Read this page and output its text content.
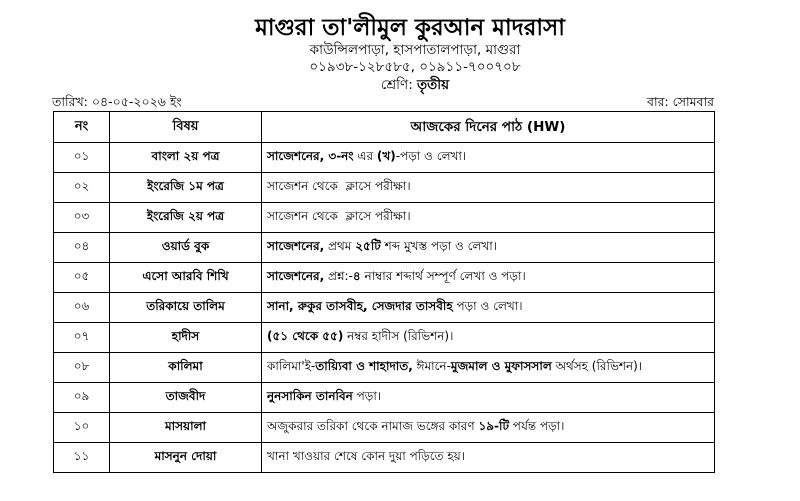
মাগুরা তা'লীমুল কুরআন মাদরাসা
কাউন্সিলপাড়া, হাসপাতালপাড়া, মাগুরা
০১৯৩৮-১২৮৫৮৫, ০১৯১১-৭০০৭০৮
শ্রেণি: তৃতীয়
তারিখ: ০৪-০৫-২০২৬ ইং	বার: সোমবার
নং	বিষয়	আজকের দিনের পাঠ (HW)
০১	বাংলা ২য় পত্র	সাজেশনের, ৩-নং এর (খ)-পড়া ও লেখা।
০২	ইংরেজি ১ম পত্র	সাজেশন থেকে  ক্লাসে পরীক্ষা।
০৩	ইংরেজি ২য় পত্র	সাজেশন থেকে  ক্লাসে পরীক্ষা।
০৪	ওয়ার্ড বুক	সাজেশনের, প্রথম ২৫টি শব্দ মুখস্ত পড়া ও লেখা।
০৫	এসো আরবি শিখি	সাজেশনের, প্রশ্ন:-৪ নাম্বার শব্দার্থ সম্পূর্ণ লেখা ও পড়া।
০৬	তরিকায়ে তালিম	সানা, রুকুর তাসবীহ, সেজদার তাসবীহ পড়া ও লেখা।
০৭	হাদীস	(৫১ থেকে ৫৫) নম্বর হাদীস (রিভিশন)।
০৮	কালিমা	কালিমা'ই-তায়্যিবা ও শাহাদাত, ঈমানে-মুজমাল ও মুফাসসাল অর্থসহ (রিভিশন)।
০৯	তাজবীদ	নুনসাকিন তানবিন পড়া।
১০	মাসয়ালা	অজুকরার তরিকা থেকে নামাজ ভঙ্গের কারণ ১৯-টি পর্যন্ত পড়া।
১১	মাসনুন দোয়া	খানা খাওয়ার শেষে কোন দুয়া পড়িতে হয়।
